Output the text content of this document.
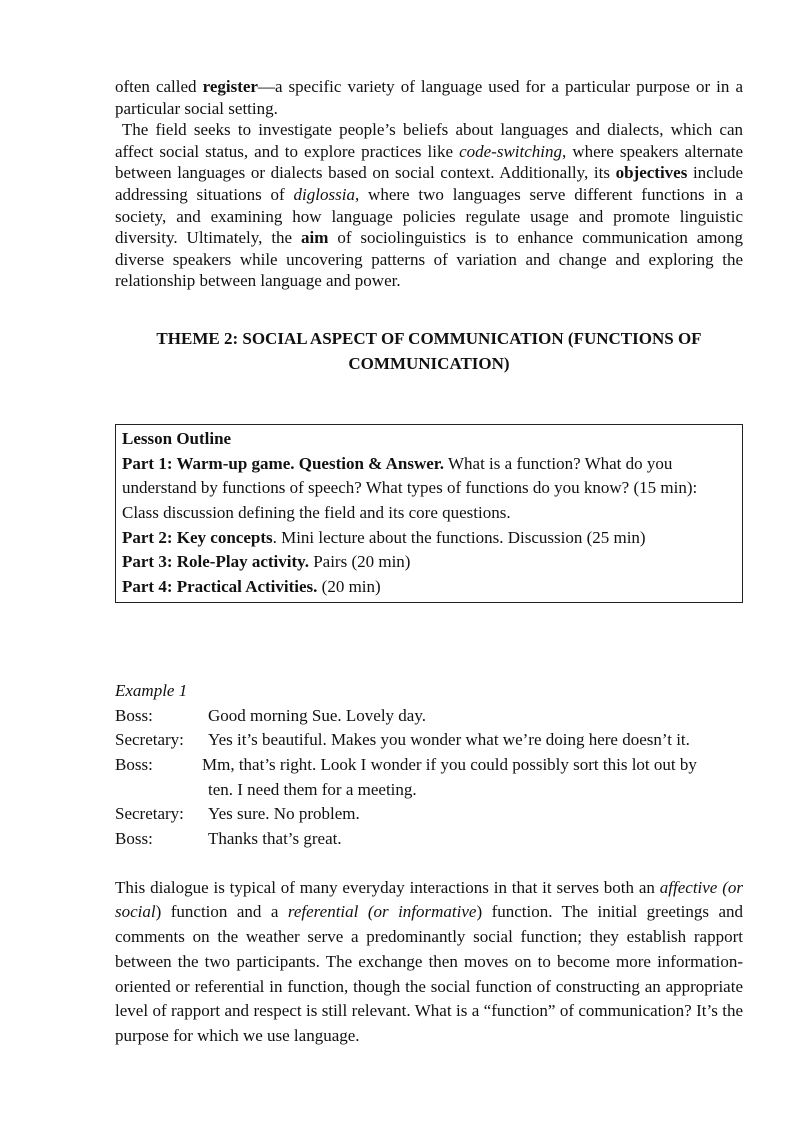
often called register—a specific variety of language used for a particular purpose or in a particular social setting.

The field seeks to investigate people’s beliefs about languages and dialects, which can affect social status, and to explore practices like code-switching, where speakers alternate between languages or dialects based on social context. Additionally, its objectives include addressing situations of diglossia, where two languages serve different functions in a society, and examining how language policies regulate usage and promote linguistic diversity. Ultimately, the aim of sociolinguistics is to enhance communication among diverse speakers while uncovering patterns of variation and change and exploring the relationship between language and power.

THEME 2: SOCIAL ASPECT OF COMMUNICATION (FUNCTIONS OF
COMMUNICATION)

Lesson Outline

Part 1: Warm-up game. Question & Answer. What is a function? What do you understand by functions of speech? What types of functions do you know? (15 min): Class discussion defining the field and its core questions.

Part 2: Key concepts. Mini lecture about the functions. Discussion (25 min)

Part 3: Role-Play activity. Pairs (20 min)

Part 4: Practical Activities. (20 min)

Example 1
Boss:	Good morning Sue. Lovely day.
Secretary:	Yes it’s beautiful. Makes you wonder what we’re doing here doesn’t it.
Boss:	Mm, that’s right. Look I wonder if you could possibly sort this lot out by
ten. I need them for a meeting.
Secretary:	Yes sure. No problem.
Boss:	Thanks that’s great.

This dialogue is typical of many everyday interactions in that it serves both an affective (or social) function and a referential (or informative) function. The initial greetings and comments on the weather serve a predominantly social function; they establish rapport between the two participants. The exchange then moves on to become more information-oriented or referential in function, though the social function of constructing an appropriate level of rapport and respect is still relevant. What is a “function” of communication? It’s the purpose for which we use language.
